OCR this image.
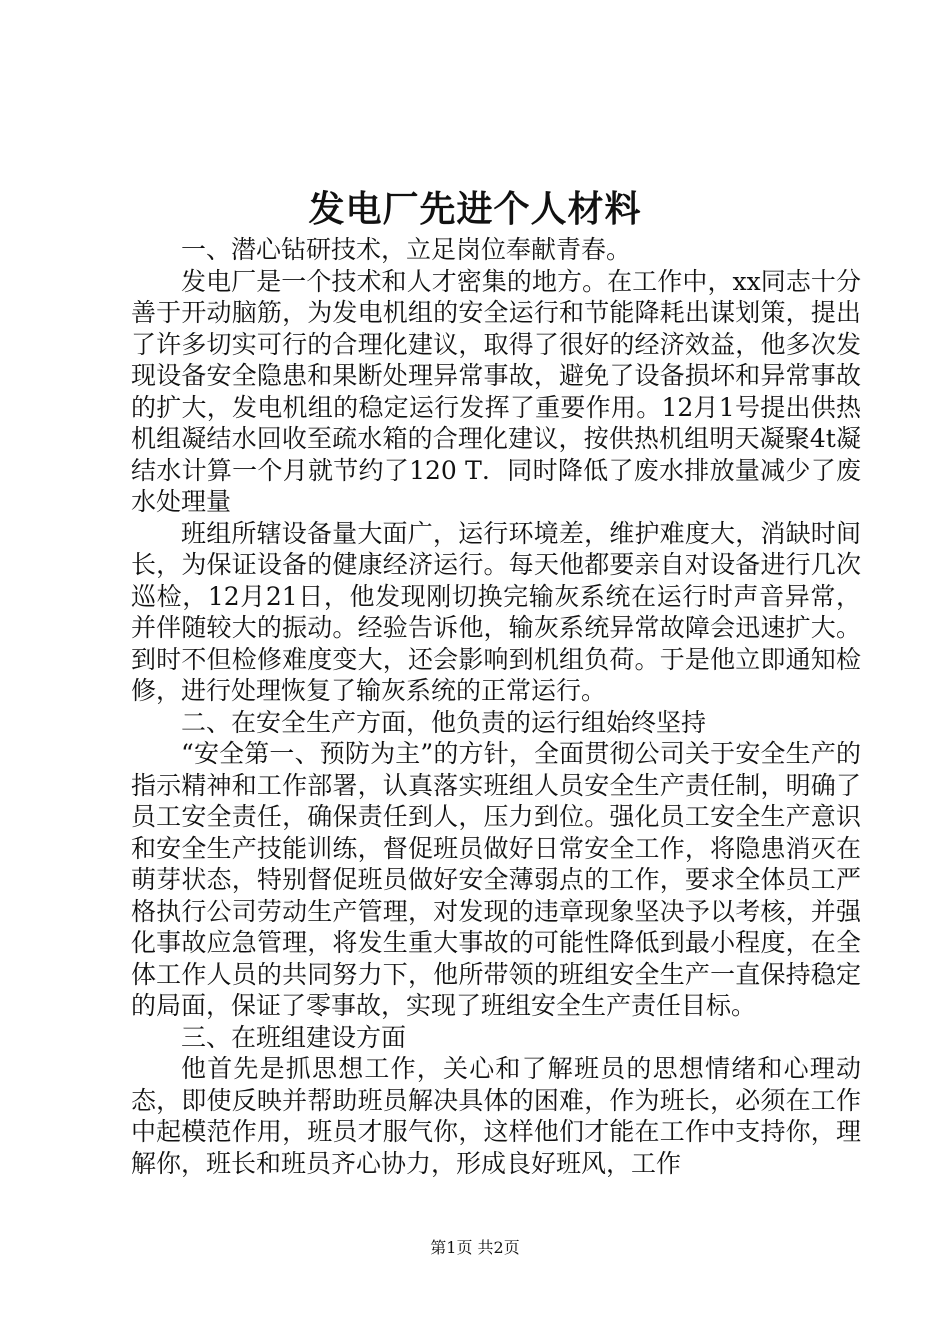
发电厂先进个人材料

一、潜心钻研技术，立足岗位奉献青春。

发电厂是一个技术和人才密集的地方。在工作中，xx同志十分善于开动脑筋，为发电机组的安全运行和节能降耗出谋划策，提出了许多切实可行的合理化建议，取得了很好的经济效益，他多次发现设备安全隐患和果断处理异常事故，避免了设备损坏和异常事故的扩大，发电机组的稳定运行发挥了重要作用。12月1号提出供热机组凝结水回收至疏水箱的合理化建议，按供热机组明天凝聚4t凝结水计算一个月就节约了120 T．同时降低了废水排放量减少了废水处理量

班组所辖设备量大面广，运行环境差，维护难度大，消缺时间长，为保证设备的健康经济运行。每天他都要亲自对设备进行几次巡检，12月21日，他发现刚切换完输灰系统在运行时声音异常，并伴随较大的振动。经验告诉他，输灰系统异常故障会迅速扩大。到时不但检修难度变大，还会影响到机组负荷。于是他立即通知检修，进行处理恢复了输灰系统的正常运行。

二、在安全生产方面，他负责的运行组始终坚持

“安全第一、预防为主”的方针，全面贯彻公司关于安全生产的指示精神和工作部署，认真落实班组人员安全生产责任制，明确了员工安全责任，确保责任到人，压力到位。强化员工安全生产意识和安全生产技能训练，督促班员做好日常安全工作，将隐患消灭在萌芽状态，特别督促班员做好安全薄弱点的工作，要求全体员工严格执行公司劳动生产管理，对发现的违章现象坚决予以考核，并强化事故应急管理，将发生重大事故的可能性降低到最小程度，在全体工作人员的共同努力下，他所带领的班组安全生产一直保持稳定的局面，保证了零事故，实现了班组安全生产责任目标。

三、在班组建设方面

他首先是抓思想工作，关心和了解班员的思想情绪和心理动态，即使反映并帮助班员解决具体的困难，作为班长，必须在工作中起模范作用，班员才服气你，这样他们才能在工作中支持你，理解你，班长和班员齐心协力，形成良好班风，工作

第1页 共2页
